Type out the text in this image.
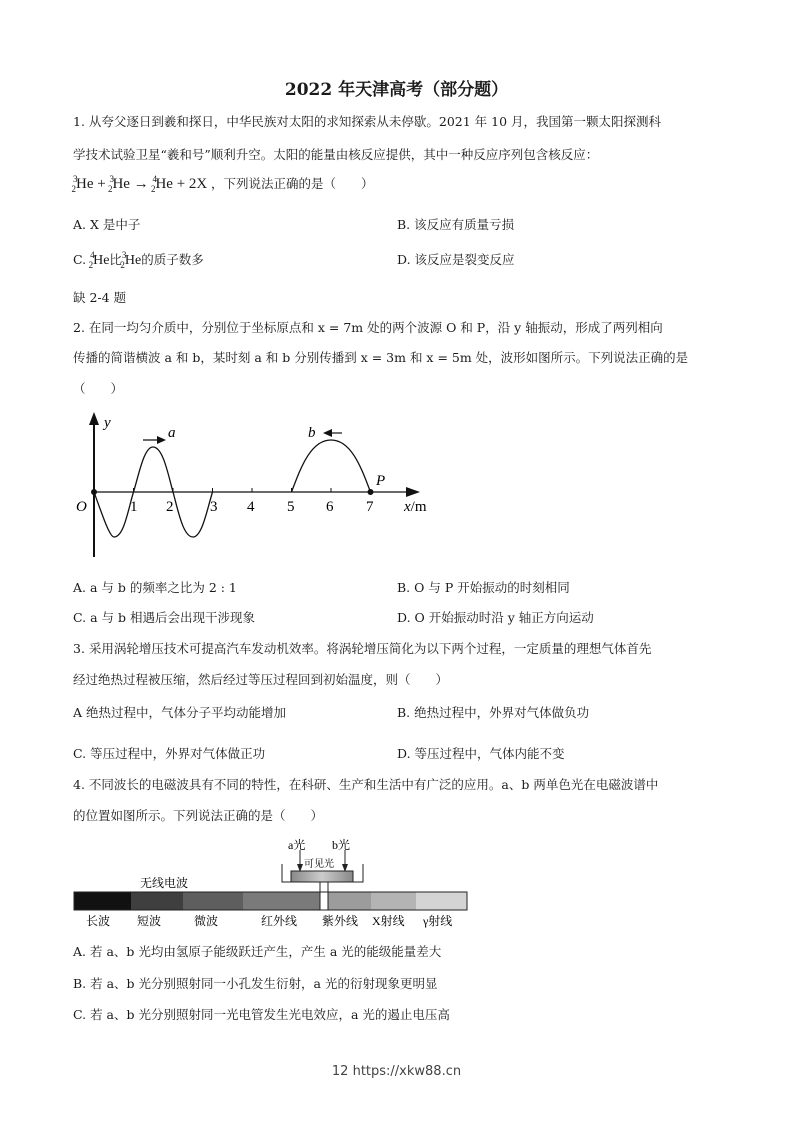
2022 年天津高考（部分题）
1. 从夸父逐日到羲和探日，中华民族对太阳的求知探索从未停歇。2021 年 10 月，我国第一颗太阳探测科
学技术试验卫星“羲和号”顺利升空。太阳的能量由核反应提供，其中一种反应序列包含核反应：
$^3_2$He + $^3_2$He → $^4_2$He + 2X ，下列说法正确的是（　　）
A. X 是中子	B. 该反应有质量亏损
C. $^4_2$He比$^3_2$He的质子数多	D. 该反应是裂变反应
缺 2-4 题
2. 在同一均匀介质中，分别位于坐标原点和 x = 7m 处的两个波源 O 和 P，沿 y 轴振动，形成了两列相向
传播的简谐横波 a 和 b，某时刻 a 和 b 分别传播到 x = 3m 和 x = 5m 处，波形如图所示。下列说法正确的是
（　　）
y
O
a	b
P
1 2 3 4 5 6 7 x/m
A. a 与 b 的频率之比为 2 : 1	B. O 与 P 开始振动的时刻相同
C. a 与 b 相遇后会出现干涉现象	D. O 开始振动时沿 y 轴正方向运动
3. 采用涡轮增压技术可提高汽车发动机效率。将涡轮增压简化为以下两个过程，一定质量的理想气体首先
经过绝热过程被压缩，然后经过等压过程回到初始温度，则（　　）
A 绝热过程中，气体分子平均动能增加	B. 绝热过程中，外界对气体做负功
C. 等压过程中，外界对气体做正功	D. 等压过程中，气体内能不变
4. 不同波长的电磁波具有不同的特性，在科研、生产和生活中有广泛的应用。a、b 两单色光在电磁波谱中
的位置如图所示。下列说法正确的是（　　）
a光 b光
可见光
无线电波
长波 短波	微波	红外线 紫外线 X射线 γ射线
A. 若 a、b 光均由氢原子能级跃迁产生，产生 a 光的能级能量差大
B. 若 a、b 光分别照射同一小孔发生衍射，a 光的衍射现象更明显
C. 若 a、b 光分别照射同一光电管发生光电效应，a 光的遏止电压高
12 https://xkw88.cn
